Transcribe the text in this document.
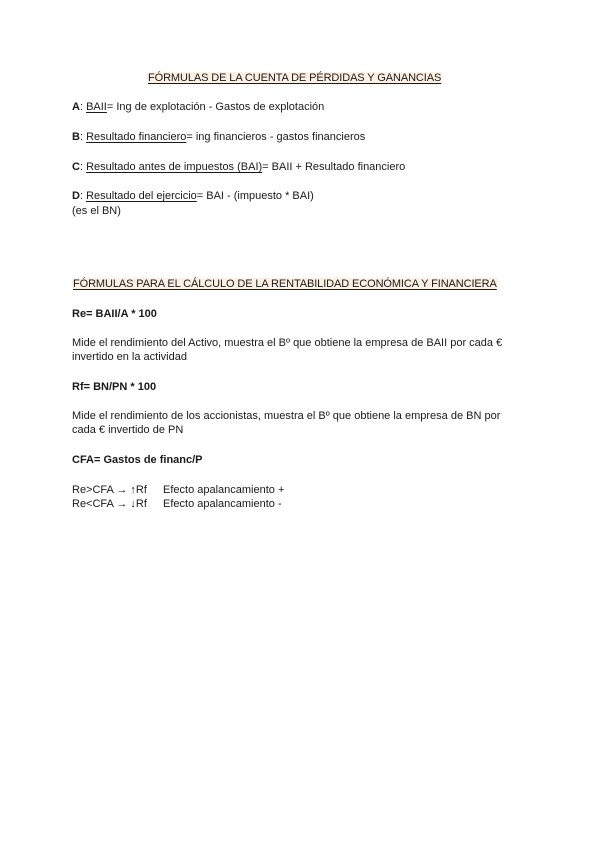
FÓRMULAS DE LA CUENTA DE PÉRDIDAS Y GANANCIAS
A: BAII= Ing de explotación - Gastos de explotación
B: Resultado financiero= ing financieros - gastos financieros
C: Resultado antes de impuestos (BAI)= BAII + Resultado financiero
D: Resultado del ejercicio= BAI - (impuesto * BAI)
(es el BN)
FÓRMULAS PARA EL CÁLCULO DE LA RENTABILIDAD ECONÓMICA Y FINANCIERA
Re= BAII/A * 100
Mide el rendimiento del Activo, muestra el Bº que obtiene la empresa de BAII por cada € invertido en la actividad
Rf= BN/PN * 100
Mide el rendimiento de los accionistas, muestra el Bº que obtiene la empresa de BN por cada € invertido de PN
CFA= Gastos de financ/P
Re>CFA → ↑Rf Efecto apalancamiento +
Re<CFA → ↓Rf Efecto apalancamiento -
